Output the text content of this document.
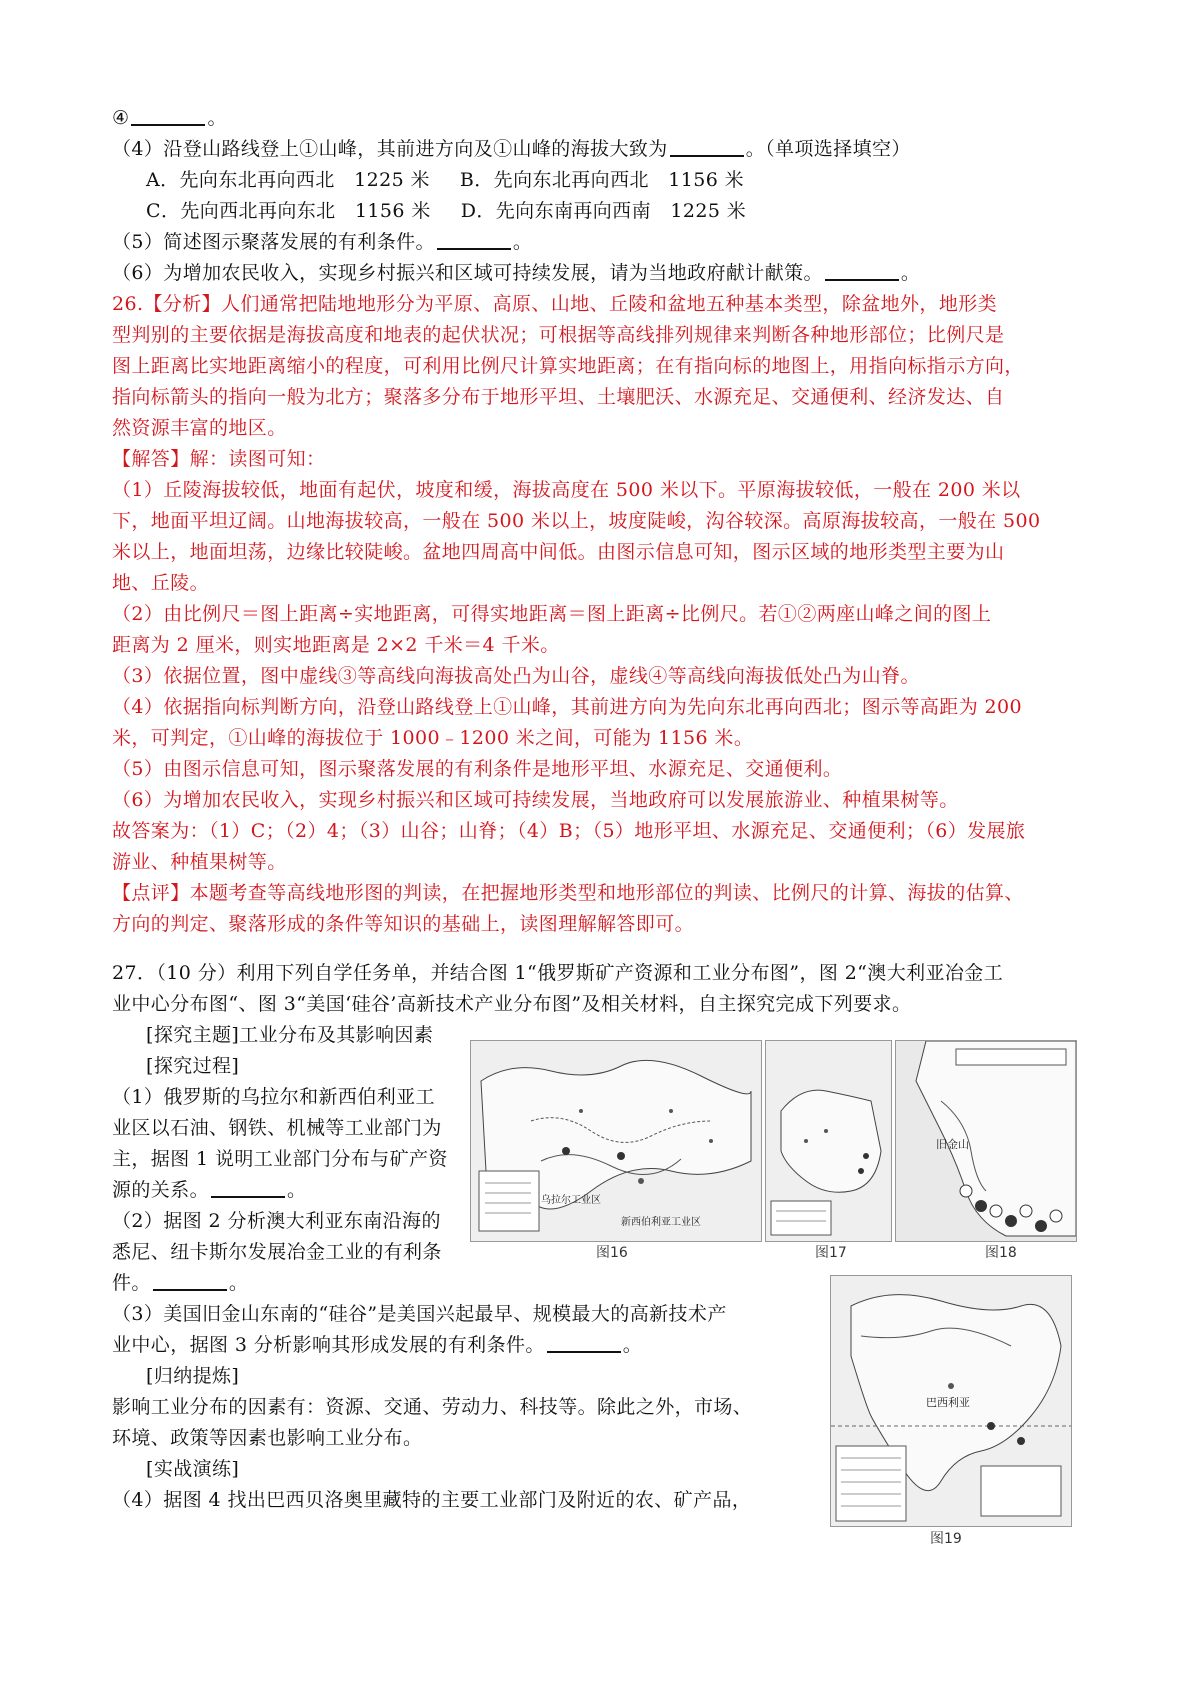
④	。
（4）沿登山路线登上①山峰，其前进方向及①山峰的海拔大致为	。（单项选择填空）
A．先向东北再向西北　1225 米 B．先向东北再向西北　1156 米
C．先向西北再向东北　1156 米 D．先向东南再向西南　1225 米
（5）简述图示聚落发展的有利条件。	。
（6）为增加农民收入，实现乡村振兴和区域可持续发展，请为当地政府献计献策。	。
26.【分析】人们通常把陆地地形分为平原、高原、山地、丘陵和盆地五种基本类型，除盆地外，地形类
型判别的主要依据是海拔高度和地表的起伏状况；可根据等高线排列规律来判断各种地形部位；比例尺是
图上距离比实地距离缩小的程度，可利用比例尺计算实地距离；在有指向标的地图上，用指向标指示方向，
指向标箭头的指向一般为北方；聚落多分布于地形平坦、土壤肥沃、水源充足、交通便利、经济发达、自
然资源丰富的地区。
【解答】解：读图可知：
（1）丘陵海拔较低，地面有起伏，坡度和缓，海拔高度在 500 米以下。平原海拔较低，一般在 200 米以
下，地面平坦辽阔。山地海拔较高，一般在 500 米以上，坡度陡峻，沟谷较深。高原海拔较高，一般在 500
米以上，地面坦荡，边缘比较陡峻。盆地四周高中间低。由图示信息可知，图示区域的地形类型主要为山
地、丘陵。
（2）由比例尺＝图上距离÷实地距离，可得实地距离＝图上距离÷比例尺。若①②两座山峰之间的图上
距离为 2 厘米，则实地距离是 2×2 千米＝4 千米。
（3）依据位置，图中虚线③等高线向海拔高处凸为山谷，虚线④等高线向海拔低处凸为山脊。
（4）依据指向标判断方向，沿登山路线登上①山峰，其前进方向为先向东北再向西北；图示等高距为 200
米，可判定，①山峰的海拔位于 1000﹣1200 米之间，可能为 1156 米。
（5）由图示信息可知，图示聚落发展的有利条件是地形平坦、水源充足、交通便利。
（6）为增加农民收入，实现乡村振兴和区域可持续发展，当地政府可以发展旅游业、种植果树等。
故答案为：（1）C；（2）4；（3）山谷；山脊；（4）B；（5）地形平坦、水源充足、交通便利；（6）发展旅
游业、种植果树等。
【点评】本题考查等高线地形图的判读，在把握地形类型和地形部位的判读、比例尺的计算、海拔的估算、
方向的判定、聚落形成的条件等知识的基础上，读图理解解答即可。
27．（10 分）利用下列自学任务单，并结合图 1“俄罗斯矿产资源和工业分布图”，图 2“澳大利亚冶金工
业中心分布图“、图 3“美国‘硅谷’高新技术产业分布图”及相关材料，自主探究完成下列要求。
[探究主题]工业分布及其影响因素
[探究过程]
（1）俄罗斯的乌拉尔和新西伯利亚工
业区以石油、钢铁、机械等工业部门为
主，据图 1 说明工业部门分布与矿产资
源的关系。	。
（2）据图 2 分析澳大利亚东南沿海的
悉尼、纽卡斯尔发展冶金工业的有利条
件。	。
（3）美国旧金山东南的“硅谷”是美国兴起最早、规模最大的高新技术产
业中心，据图 3 分析影响其形成发展的有利条件。	。
[归纳提炼]
影响工业分布的因素有：资源、交通、劳动力、科技等。除此之外，市场、
环境、政策等因素也影响工业分布。
[实战演练]
（4）据图 4 找出巴西贝洛奥里藏特的主要工业部门及附近的农、矿产品，
乌拉尔工业区
新西伯利亚工业区
图16	图17
旧金山
图18
巴西利亚
图19
